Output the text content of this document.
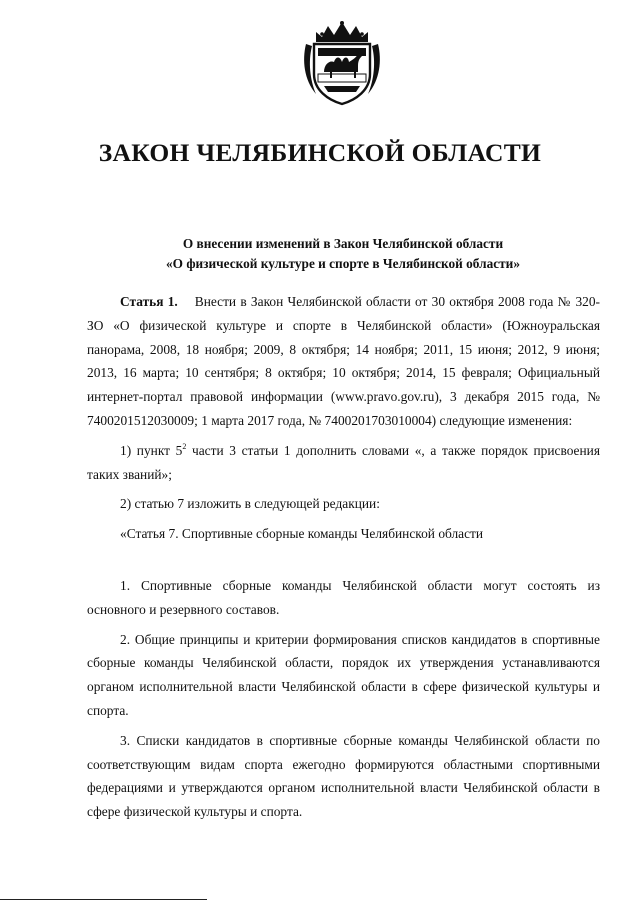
ЗАКОН ЧЕЛЯБИНСКОЙ ОБЛАСТИ
О внесении изменений в Закон Челябинской области
«О физической культуре и спорте в Челябинской области»

Статья 1. Внести в Закон Челябинской области от 30 октября 2008 года № 320-ЗО «О физической культуре и спорте в Челябинской области» (Южноуральская панорама, 2008, 18 ноября; 2009, 8 октября; 14 ноября; 2011, 15 июня; 2012, 9 июня; 2013, 16 марта; 10 сентября; 8 октября; 10 октября; 2014, 15 февраля; Официальный интернет-портал правовой информации (www.pravo.gov.ru), 3 декабря 2015 года, № 7400201512030009; 1 марта 2017 года, № 7400201703010004) следующие изменения:

1) пункт $5^2$ части 3 статьи 1 дополнить словами «, а также порядок присвоения таких званий»;

2) статью 7 изложить в следующей редакции:

«Статья 7. Спортивные сборные команды Челябинской области

1. Спортивные сборные команды Челябинской области могут состоять из основного и резервного составов.

2. Общие принципы и критерии формирования списков кандидатов в спортивные сборные команды Челябинской области, порядок их утверждения устанавливаются органом исполнительной власти Челябинской области в сфере физической культуры и спорта.

3. Списки кандидатов в спортивные сборные команды Челябинской области по соответствующим видам спорта ежегодно формируются областными спортивными федерациями и утверждаются органом исполнительной власти Челябинской области в сфере физической культуры и спорта.
